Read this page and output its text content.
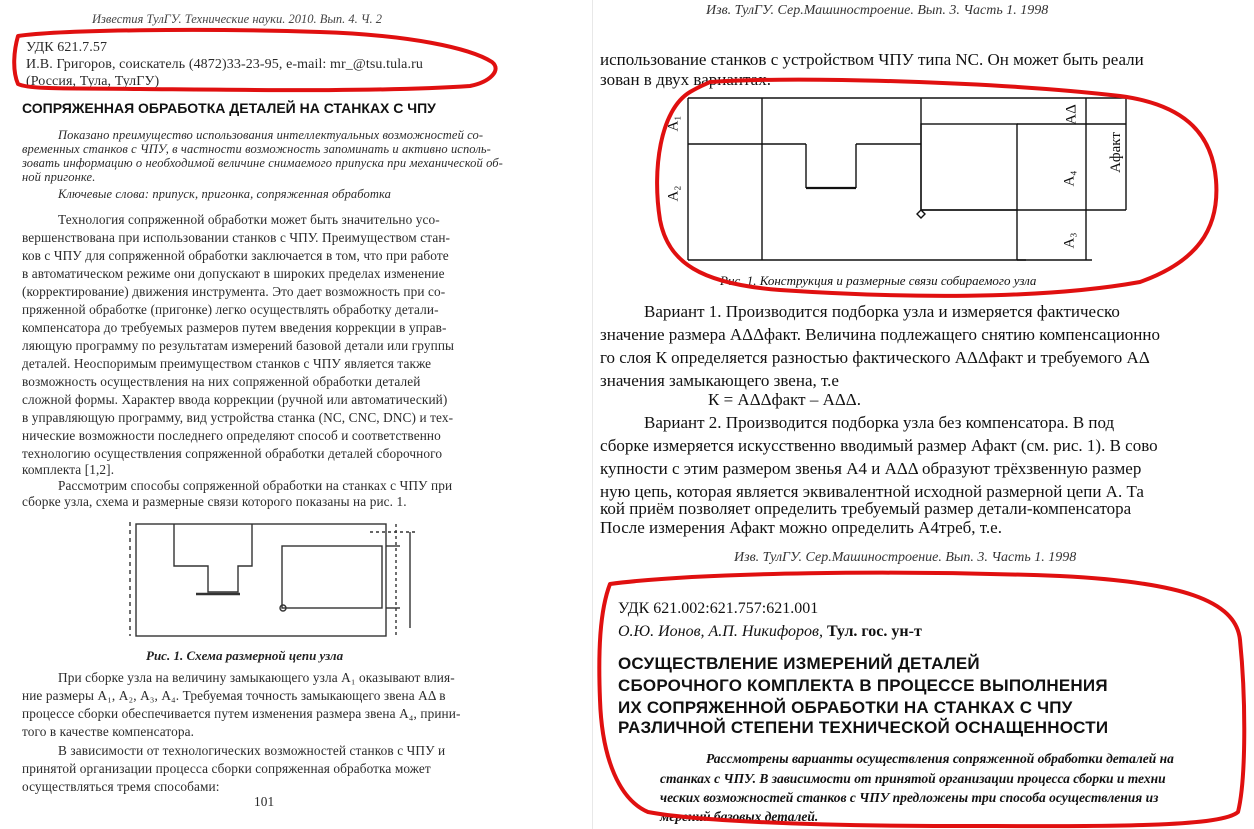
Известия ТулГУ. Технические науки. 2010. Вып. 4. Ч. 2
УДК 621.7.57
И.В. Григоров, соискатель (4872)33-23-95, e-mail: mr_@tsu.tula.ru
(Россия, Тула, ТулГУ)
СОПРЯЖЕННАЯ ОБРАБОТКА ДЕТАЛЕЙ НА СТАНКАХ С ЧПУ
Показано преимущество использования интеллектуальных возможностей со-
временных станков с ЧПУ, в частности возможность запоминать и активно исполь-
зовать информацию о необходимой величине снимаемого припуска при механической об-
ной пригонке.
Ключевые слова: припуск, пригонка, сопряженная обработка
Технология сопряженной обработки может быть значительно усо-
вершенствована при использовании станков с ЧПУ. Преимуществом стан-
ков с ЧПУ для сопряженной обработки заключается в том, что при работе
в автоматическом режиме они допускают в широких пределах изменение
(корректирование) движения инструмента. Это дает возможность при со-
пряженной обработке (пригонке) легко осуществлять обработку детали-
компенсатора до требуемых размеров путем введения коррекции в управ-
ляющую программу по результатам измерений базовой детали или группы
деталей. Неоспоримым преимуществом станков с ЧПУ является также
возможность осуществления на них сопряженной обработки деталей
сложной формы. Характер ввода коррекции (ручной или автоматический)
в управляющую программу, вид устройства станка (NC, CNC, DNC) и тех-
нические возможности последнего определяют способ и соответственно
технологию осуществления сопряженной обработки деталей сборочного
комплекта [1,2].
Рассмотрим способы сопряженной обработки на станках с ЧПУ при
сборке узла, схема и размерные связи которого показаны на рис. 1.
Рис. 1. Схема размерной цепи узла
При сборке узла на величину замыкающего узла А₁ оказывают влия-
ние размеры А₁, А₂, А₃, А₄. Требуемая точность замыкающего звена АΔ в
процессе сборки обеспечивается путем изменения размера звена А₄, прини-
того в качестве компенсатора.
В зависимости от технологических возможностей станков с ЧПУ и
принятой организации процесса сборки сопряженная обработка может
осуществляться тремя способами:
101
Изв. ТулГУ. Сер.Машиностроение. Вып. 3. Часть 1. 1998
использование станков с устройством ЧПУ типа NC. Он может быть реали
зован в двух вариантах.
A₁
A₂
A₃
A₄
AΔ
Aфакт
Рис. 1. Конструкция и размерные связи собираемого узла
Вариант 1. Производится подборка узла и измеряется фактическо
значение размера АΔΔфакт. Величина подлежащего снятию компенсационно
го слоя К определяется разностью фактического АΔΔфакт и требуемого АΔ
значения замыкающего звена, т.е
К = АΔΔфакт – АΔΔ.
Вариант 2. Производится подборка узла без компенсатора. В под
сборке измеряется искусственно вводимый размер Афакт (см. рис. 1). В сово
купности с этим размером звенья А4 и АΔΔ образуют трёхзвенную размер
ную цепь, которая является эквивалентной исходной размерной цепи А. Та
кой приём позволяет определить требуемый размер детали-компенсатора
После измерения Афакт можно определить А4треб, т.е.
Изв. ТулГУ. Сер.Машиностроение. Вып. 3. Часть 1. 1998
УДК 621.002:621.757:621.001
О.Ю. Ионов, А.П. Никифоров, Тул. гос. ун-т
ОСУЩЕСТВЛЕНИЕ ИЗМЕРЕНИЙ ДЕТАЛЕЙ
СБОРОЧНОГО КОМПЛЕКТА В ПРОЦЕССЕ ВЫПОЛНЕНИЯ
ИХ СОПРЯЖЕННОЙ ОБРАБОТКИ НА СТАНКАХ С ЧПУ
РАЗЛИЧНОЙ СТЕПЕНИ ТЕХНИЧЕСКОЙ ОСНАЩЕННОСТИ
Рассмотрены варианты осуществления сопряженной обработки деталей на
станках с ЧПУ. В зависимости от принятой организации процесса сборки и техни
ческих возможностей станков с ЧПУ предложены три способа осуществления из
мерений базовых деталей.
